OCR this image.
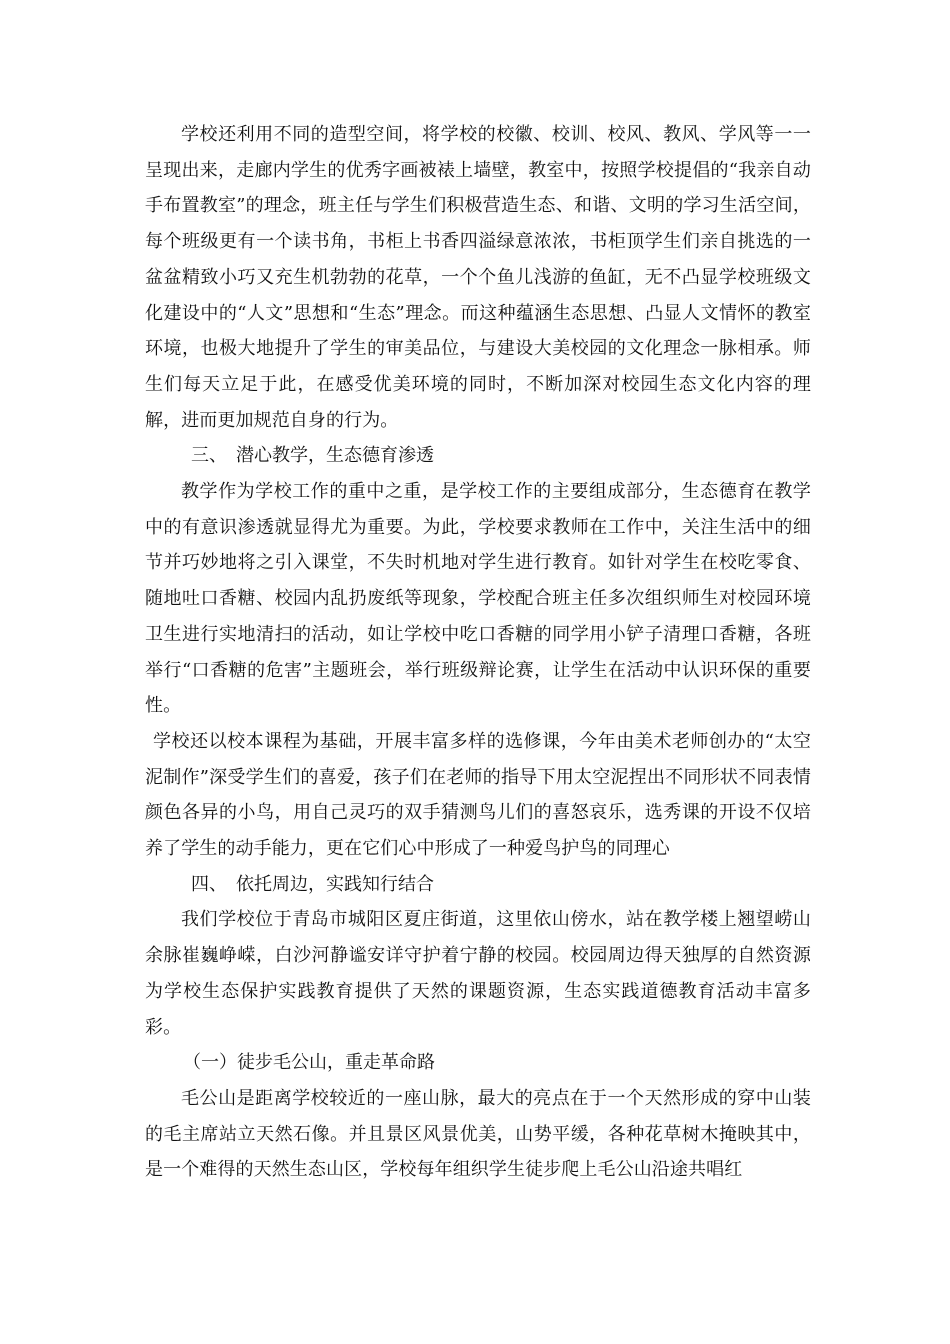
学校还利用不同的造型空间，将学校的校徽、校训、校风、教风、学风等一一呈现出来，走廊内学生的优秀字画被裱上墙壁，教室中，按照学校提倡的“我亲自动手布置教室”的理念，班主任与学生们积极营造生态、和谐、文明的学习生活空间，每个班级更有一个读书角，书柜上书香四溢绿意浓浓，书柜顶学生们亲自挑选的一盆盆精致小巧又充生机勃勃的花草，一个个鱼儿浅游的鱼缸，无不凸显学校班级文化建设中的“人文”思想和“生态”理念。而这种蕴涵生态思想、凸显人文情怀的教室环境，也极大地提升了学生的审美品位，与建设大美校园的文化理念一脉相承。师生们每天立足于此，在感受优美环境的同时，不断加深对校园生态文化内容的理解，进而更加规范自身的行为。

三、　潜心教学，生态德育渗透

教学作为学校工作的重中之重，是学校工作的主要组成部分，生态德育在教学中的有意识渗透就显得尤为重要。为此，学校要求教师在工作中，关注生活中的细节并巧妙地将之引入课堂，不失时机地对学生进行教育。如针对学生在校吃零食、随地吐口香糖、校园内乱扔废纸等现象，学校配合班主任多次组织师生对校园环境卫生进行实地清扫的活动，如让学校中吃口香糖的同学用小铲子清理口香糖，各班举行“口香糖的危害”主题班会，举行班级辩论赛，让学生在活动中认识环保的重要性。

学校还以校本课程为基础，开展丰富多样的选修课，今年由美术老师创办的“太空泥制作”深受学生们的喜爱，孩子们在老师的指导下用太空泥捏出不同形状不同表情颜色各异的小鸟，用自己灵巧的双手猜测鸟儿们的喜怒哀乐，选秀课的开设不仅培养了学生的动手能力，更在它们心中形成了一种爱鸟护鸟的同理心

四、　依托周边，实践知行结合

我们学校位于青岛市城阳区夏庄街道，这里依山傍水，站在教学楼上翘望崂山余脉崔巍峥嵘，白沙河静谧安详守护着宁静的校园。校园周边得天独厚的自然资源为学校生态保护实践教育提供了天然的课题资源，生态实践道德教育活动丰富多彩。

（一）徒步毛公山，重走革命路

毛公山是距离学校较近的一座山脉，最大的亮点在于一个天然形成的穿中山装的毛主席站立天然石像。并且景区风景优美，山势平缓，各种花草树木掩映其中，是一个难得的天然生态山区，学校每年组织学生徒步爬上毛公山沿途共唱红
